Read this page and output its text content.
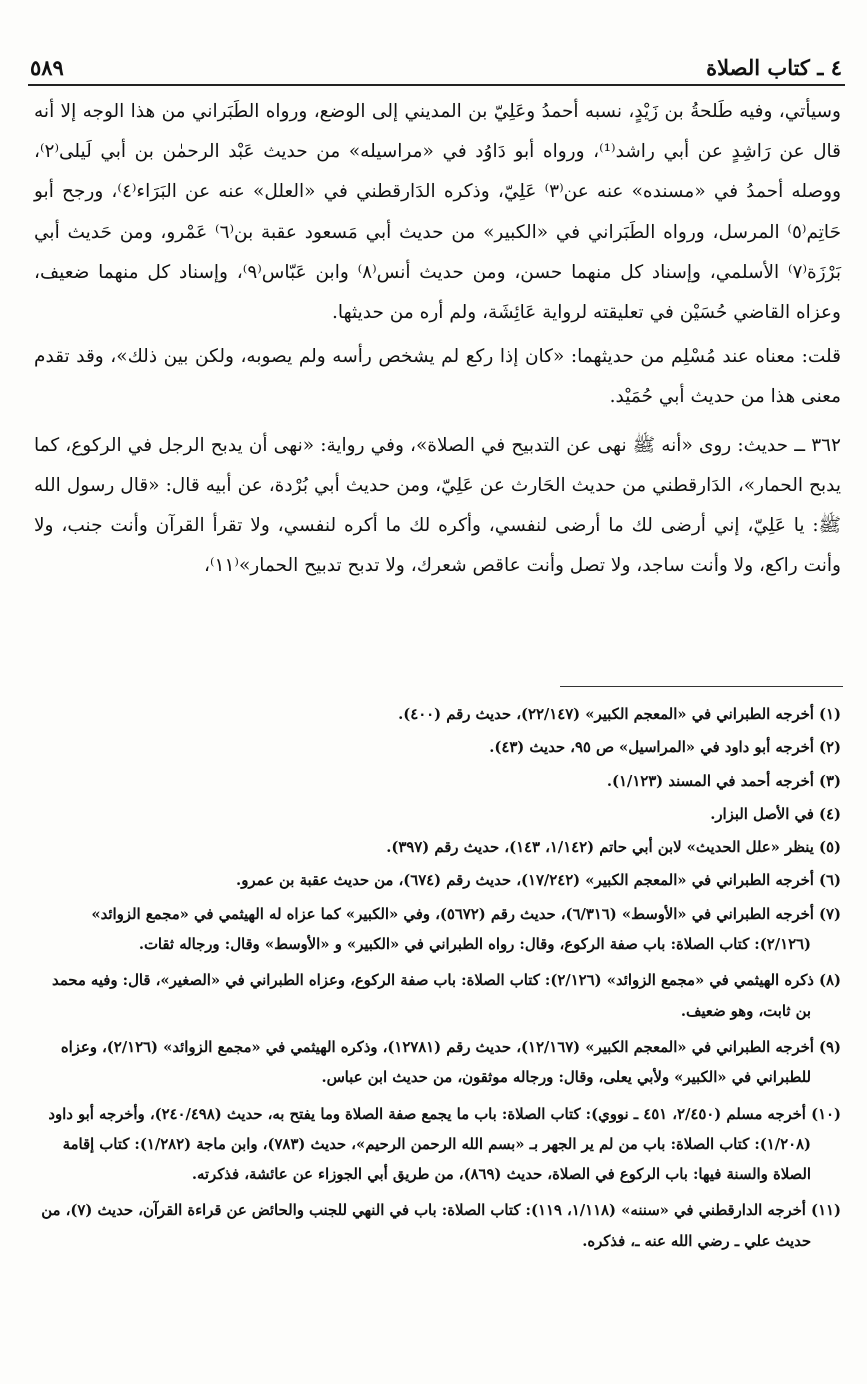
٥٨٩	٤ ـ كتاب الصلاة

وسيأتي، وفيه طَلحةُ بن زَيْدٍ، نسبه أحمدُ وعَلِيّ بن المديني إلى الوضع، ورواه الطَبَراني من هذا الوجه إلا أنه قال عن رَاشِدٍ عن أبي راشد⁽¹⁾، ورواه أبو دَاوُد في «مراسيله» من حديث عَبْد الرحمٰن بن أبي لَيلى⁽٢⁾، ووصله أحمدُ في «مسنده» عنه عن⁽٣⁾ عَلِيّ، وذكره الدَارقطني في «العلل» عنه عن البَرَاء⁽٤⁾، ورجح أبو حَاتِم⁽٥⁾ المرسل، ورواه الطَبَراني في «الكبير» من حديث أبي مَسعود عقبة بن⁽٦⁾ عَمْرو، ومن حَديث أبي بَرْزَة⁽٧⁾ الأسلمي، وإسناد كل منهما حسن، ومن حديث أنس⁽٨⁾ وابن عَبّاس⁽٩⁾، وإسناد كل منهما ضعيف، وعزاه القاضي حُسَيْن في تعليقته لرواية عَائِشَة، ولم أره من حديثها.

قلت: معناه عند مُسْلِم من حديثهما: «كان إذا ركع لم يشخص رأسه ولم يصوبه، ولكن بين ذلك»، وقد تقدم معنى هذا من حديث أبي حُمَيْد.

٣٦٢ ــ حديث: روى «أنه ﷺ نهى عن التدبيح في الصلاة»، وفي رواية: «نهى أن يدبح الرجل في الركوع، كما يدبح الحمار»، الدَارقطني من حديث الحَارث عن عَلِيّ، ومن حديث أبي بُرْدة، عن أبيه قال: «قال رسول الله ﷺ: يا عَلِيّ، إني أرضى لك ما أرضى لنفسي، وأكره لك ما أكره لنفسي، ولا تقرأ القرآن وأنت جنب، ولا وأنت راكع، ولا وأنت ساجد، ولا تصل وأنت عاقص شعرك، ولا تدبح تدبيح الحمار»⁽١١⁾،

(١) أخرجه الطبراني في «المعجم الكبير» (٢٢/١٤٧)، حديث رقم (٤٠٠).

(٢) أخرجه أبو داود في «المراسيل» ص ٩٥، حديث (٤٣).

(٣) أخرجه أحمد في المسند (١/١٢٣).

(٤) في الأصل البزار.

(٥) ينظر «علل الحديث» لابن أبي حاتم (١/١٤٢، ١٤٣)، حديث رقم (٣٩٧).

(٦) أخرجه الطبراني في «المعجم الكبير» (١٧/٢٤٢)، حديث رقم (٦٧٤)، من حديث عقبة بن عمرو.

(٧) أخرجه الطبراني في «الأوسط» (٦/٣١٦)، حديث رقم (٥٦٧٢)، وفي «الكبير» كما عزاه له الهيثمي في «مجمع الزوائد» (٢/١٢٦): كتاب الصلاة: باب صفة الركوع، وقال: رواه الطبراني في «الكبير» و «الأوسط» وقال: ورجاله ثقات.

(٨) ذكره الهيثمي في «مجمع الزوائد» (٢/١٢٦): كتاب الصلاة: باب صفة الركوع، وعزاه الطبراني في «الصغير»، قال: وفيه محمد بن ثابت، وهو ضعيف.

(٩) أخرجه الطبراني في «المعجم الكبير» (١٢/١٦٧)، حديث رقم (١٢٧٨١)، وذكره الهيثمي في «مجمع الزوائد» (٢/١٢٦)، وعزاه للطبراني في «الكبير» ولأبي يعلى، وقال: ورجاله موثقون، من حديث ابن عباس.

(١٠) أخرجه مسلم (٢/٤٥٠، ٤٥١ ـ نووي): كتاب الصلاة: باب ما يجمع صفة الصلاة وما يفتح به، حديث (٢٤٠/٤٩٨)، وأخرجه أبو داود (١/٢٠٨): كتاب الصلاة: باب من لم ير الجهر بـ «بسم الله الرحمن الرحيم»، حديث (٧٨٣)، وابن ماجة (١/٢٨٢): كتاب إقامة الصلاة والسنة فيها: باب الركوع في الصلاة، حديث (٨٦٩)، من طريق أبي الجوزاء عن عائشة، فذكرته.

(١١) أخرجه الدارقطني في «سننه» (١/١١٨، ١١٩): كتاب الصلاة: باب في النهي للجنب والحائض عن قراءة القرآن، حديث (٧)، من حديث علي ـ رضي الله عنه ـ، فذكره.
